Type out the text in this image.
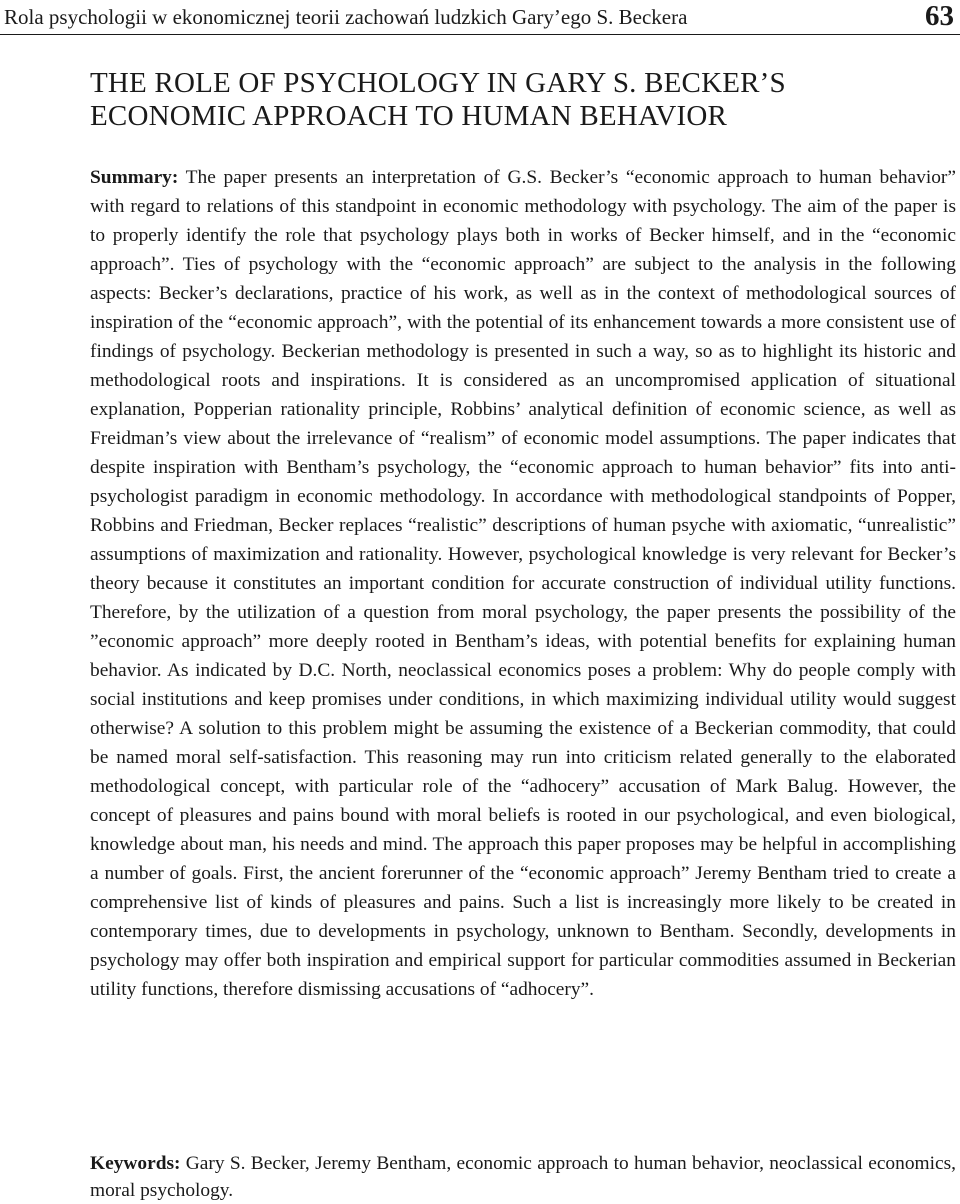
Rola psychologii w ekonomicznej teorii zachowań ludzkich Gary’ego S. Beckera	63
THE ROLE OF PSYCHOLOGY IN GARY S. BECKER’S
ECONOMIC APPROACH TO HUMAN BEHAVIOR

Summary: The paper presents an interpretation of G.S. Becker’s “economic approach to human behavior” with regard to relations of this standpoint in economic methodology with psychology. The aim of the paper is to properly identify the role that psychology plays both in works of Becker himself, and in the “economic approach”. Ties of psychology with the “economic approach” are subject to the analysis in the following aspects: Becker’s declarations, practice of his work, as well as in the context of methodological sources of inspiration of the “economic approach”, with the potential of its enhancement towards a more consistent use of findings of psychology. Beckerian methodology is presented in such a way, so as to highlight its historic and methodological roots and inspirations. It is considered as an uncompromised application of situational explanation, Popperian rationality principle, Robbins’ analytical definition of economic science, as well as Freidman’s view about the irrelevance of “realism” of economic model assumptions. The paper indicates that despite inspiration with Bentham’s psychology, the “economic approach to human behavior” fits into anti-psychologist paradigm in economic methodology. In accordance with methodological standpoints of Popper, Robbins and Friedman, Becker replaces “realistic” descriptions of human psyche with axiomatic, “unrealistic” assumptions of maximization and rationality. However, psychological knowledge is very relevant for Becker’s theory because it constitutes an important condition for accurate construction of individual utility functions. Therefore, by the utilization of a question from moral psychology, the paper presents the possibility of the ”economic approach” more deeply rooted in Bentham’s ideas, with potential benefits for explaining human behavior. As indicated by D.C. North, neoclassical economics poses a problem: Why do people comply with social institutions and keep promises under conditions, in which maximizing individual utility would suggest otherwise? A solution to this problem might be assuming the existence of a Beckerian commodity, that could be named moral self-satisfaction. This reasoning may run into criticism related generally to the elaborated methodological concept, with particular role of the “adhocery” accusation of Mark Balug. However, the concept of pleasures and pains bound with moral beliefs is rooted in our psychological, and even biological, knowledge about man, his needs and mind. The approach this paper proposes may be helpful in accomplishing a number of goals. First, the ancient forerunner of the “economic approach” Jeremy Bentham tried to create a comprehensive list of kinds of pleasures and pains. Such a list is increasingly more likely to be created in contemporary times, due to developments in psychology, unknown to Bentham. Secondly, developments in psychology may offer both inspiration and empirical support for particular commodities assumed in Beckerian utility functions, therefore dismissing accusations of “adhocery”.

Keywords: Gary S. Becker, Jeremy Bentham, economic approach to human behavior, neoclassical economics, moral psychology.
